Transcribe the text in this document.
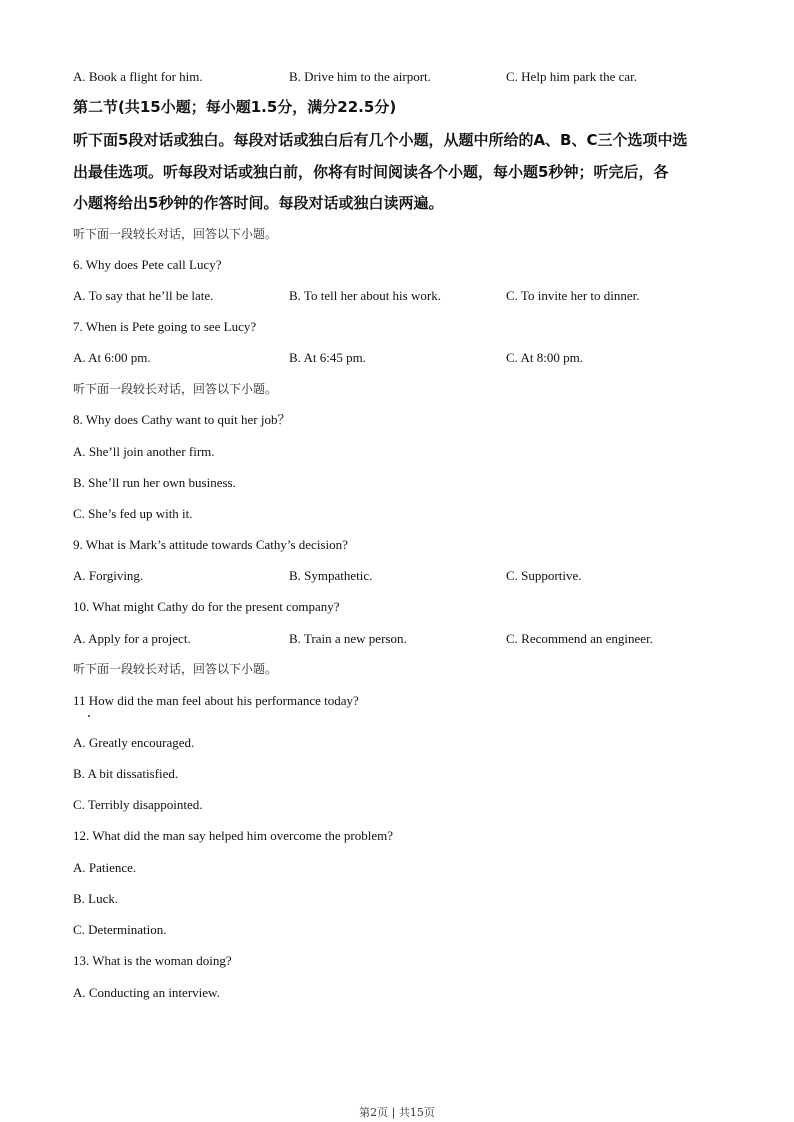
A. Book a flight for him.	B. Drive him to the airport.	C. Help him park the car.
第二节(共15小题；每小题1.5分，满分22.5分)
听下面5段对话或独白。每段对话或独白后有几个小题，从题中所给的A、B、C三个选项中选
出最佳选项。听每段对话或独白前，你将有时间阅读各个小题，每小题5秒钟；听完后，各
小题将给出5秒钟的作答时间。每段对话或独白读两遍。
听下面一段较长对话，回答以下小题。
6. Why does Pete call Lucy?
A. To say that he’ll be late.	B. To tell her about his work.	C. To invite her to dinner.
7. When is Pete going to see Lucy?
A. At 6:00 pm.	B. At 6:45 pm.	C. At 8:00 pm.
听下面一段较长对话，回答以下小题。
8. Why does Cathy want to quit her job？
A. She’ll join another firm.
B. She’ll run her own business.
C. She’s fed up with it.
9. What is Mark’s attitude towards Cathy’s decision?
A. Forgiving.	B. Sympathetic.	C. Supportive.
10. What might Cathy do for the present company?
A. Apply for a project.	B. Train a new person.	C. Recommend an engineer.
听下面一段较长对话，回答以下小题。
11 How did the man feel about his performance today?
A. Greatly encouraged.
B. A bit dissatisfied.
C. Terribly disappointed.
12. What did the man say helped him overcome the problem?
A. Patience.
B. Luck.
C. Determination.
13. What is the woman doing?
A. Conducting an interview.
第2页 | 共15页
